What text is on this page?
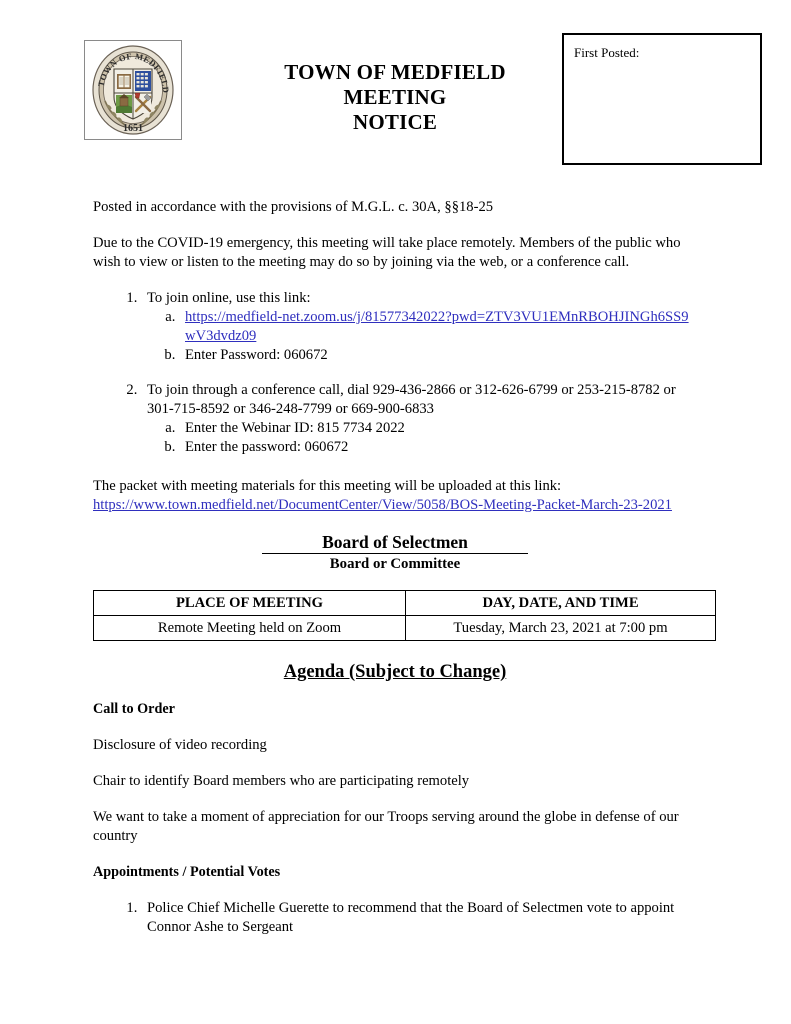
TOWN OF MEDFIELD
1651
TOWN OF MEDFIELD
MEETING
NOTICE
First Posted:

Posted in accordance with the provisions of M.G.L. c. 30A, §§18-25

Due to the COVID-19 emergency, this meeting will take place remotely. Members of the public who wish to view or listen to the meeting may do so by joining via the web, or a conference call.

1. To join online, use this link:
a. https://medfield-net.zoom.us/j/81577342022?pwd=ZTV3VU1EMnRBOHJINGh6SS9wV3dvdz09
b. Enter Password: 060672
2. To join through a conference call, dial 929-436-2866 or 312-626-6799 or 253-215-8782 or 301-715-8592 or 346-248-7799 or 669-900-6833
a. Enter the Webinar ID: 815 7734 2022
b. Enter the password: 060672

The packet with meeting materials for this meeting will be uploaded at this link:

https://www.town.medfield.net/DocumentCenter/View/5058/BOS-Meeting-Packet-March-23-2021

Board of Selectmen
Board or Committee
PLACE OF MEETING	DAY, DATE, AND TIME
Remote Meeting held on Zoom	Tuesday, March 23, 2021 at 7:00 pm
Agenda (Subject to Change)

Call to Order

Disclosure of video recording

Chair to identify Board members who are participating remotely

We want to take a moment of appreciation for our Troops serving around the globe in defense of our country

Appointments / Potential Votes

1. Police Chief Michelle Guerette to recommend that the Board of Selectmen vote to appoint Connor Ashe to Sergeant
